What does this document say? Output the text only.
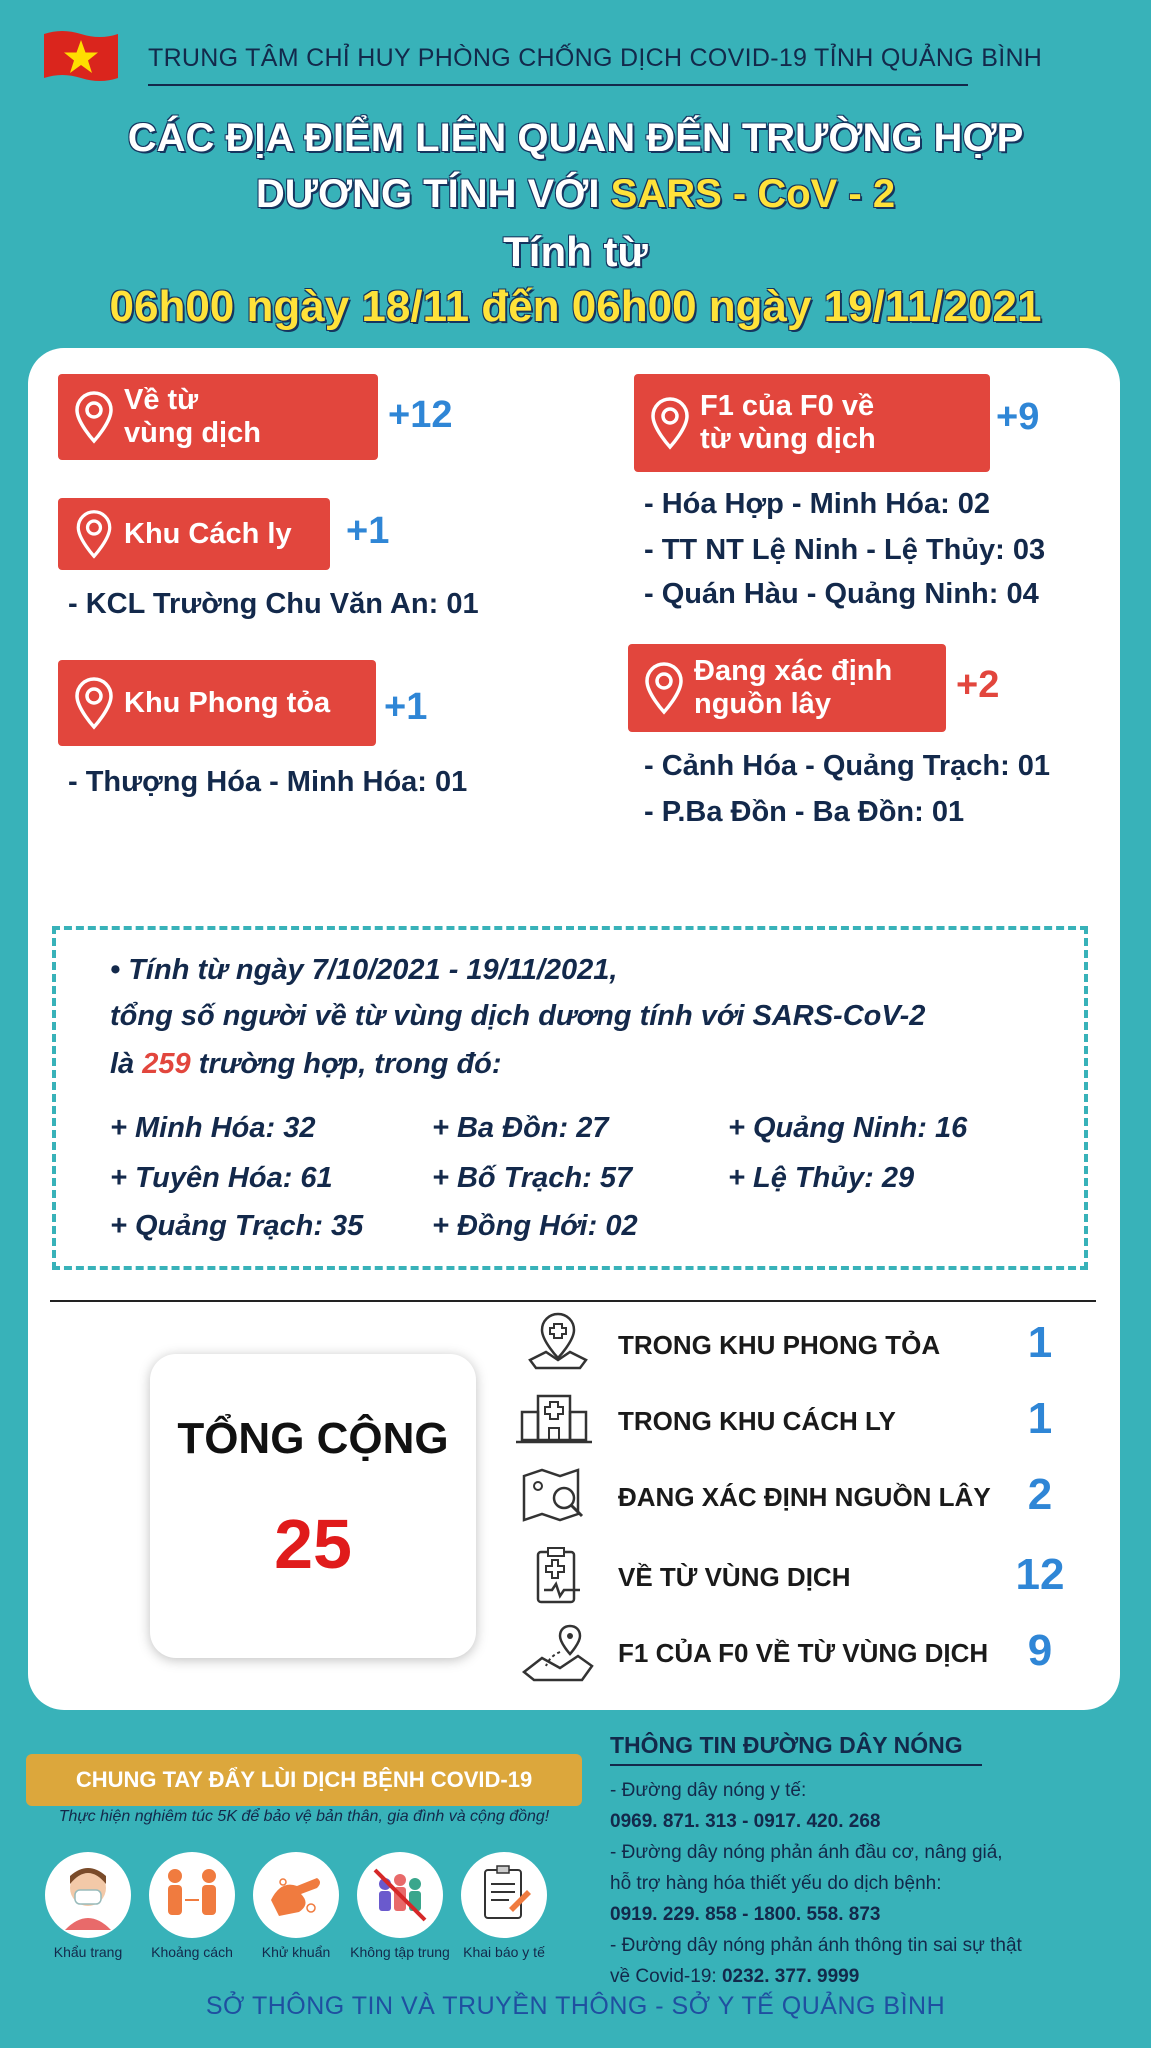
TRUNG TÂM CHỈ HUY PHÒNG CHỐNG DỊCH COVID-19 TỈNH QUẢNG BÌNH
CÁC ĐỊA ĐIỂM LIÊN QUAN ĐẾN TRƯỜNG HỢP
DƯƠNG TÍNH VỚI SARS - CoV - 2
Tính từ
06h00 ngày 18/11 đến 06h00 ngày 19/11/2021
Về từ
vùng dịch	+12
Khu Cách ly +1
- KCL Trường Chu Văn An: 01
Khu Phong tỏa +1
- Thượng Hóa - Minh Hóa: 01
F1 của F0 về
từ vùng dịch
+9
- Hóa Hợp - Minh Hóa: 02
- TT NT Lệ Ninh - Lệ Thủy: 03
- Quán Hàu - Quảng Ninh: 04
Đang xác định
nguồn lây	+2
- Cảnh Hóa - Quảng Trạch: 01
- P.Ba Đồn - Ba Đồn: 01
• Tính từ ngày 7/10/2021 - 19/11/2021,
tổng số người về từ vùng dịch dương tính với SARS-CoV-2
là 259 trường hợp, trong đó:
+ Minh Hóa: 32	+ Ba Đồn: 27	+ Quảng Ninh: 16
+ Tuyên Hóa: 61	+ Bố Trạch: 57	+ Lệ Thủy: 29
+ Quảng Trạch: 35 + Đồng Hới: 02
TỔNG CỘNG
25
TRONG KHU PHONG TỎA	1
TRONG KHU CÁCH LY	1
ĐANG XÁC ĐỊNH NGUỒN LÂY 2
VỀ TỪ VÙNG DỊCH	12
F1 CỦA F0 VỀ TỪ VÙNG DỊCH 9
CHUNG TAY ĐẨY LÙI DỊCH BỆNH COVID-19
Thực hiện nghiêm túc 5K để bảo vệ bản thân, gia đình và cộng đồng!
Khẩu trang	Khoảng cách	Khử khuẩn	Không tập trung Khai báo y tế
THÔNG TIN ĐƯỜNG DÂY NÓNG
- Đường dây nóng y tế:
0969. 871. 313 - 0917. 420. 268
- Đường dây nóng phản ánh đầu cơ, nâng giá,
hỗ trợ hàng hóa thiết yếu do dịch bệnh:
0919. 229. 858 - 1800. 558. 873
- Đường dây nóng phản ánh thông tin sai sự thật
về Covid-19: 0232. 377. 9999
SỞ THÔNG TIN VÀ TRUYỀN THÔNG - SỞ Y TẾ QUẢNG BÌNH
